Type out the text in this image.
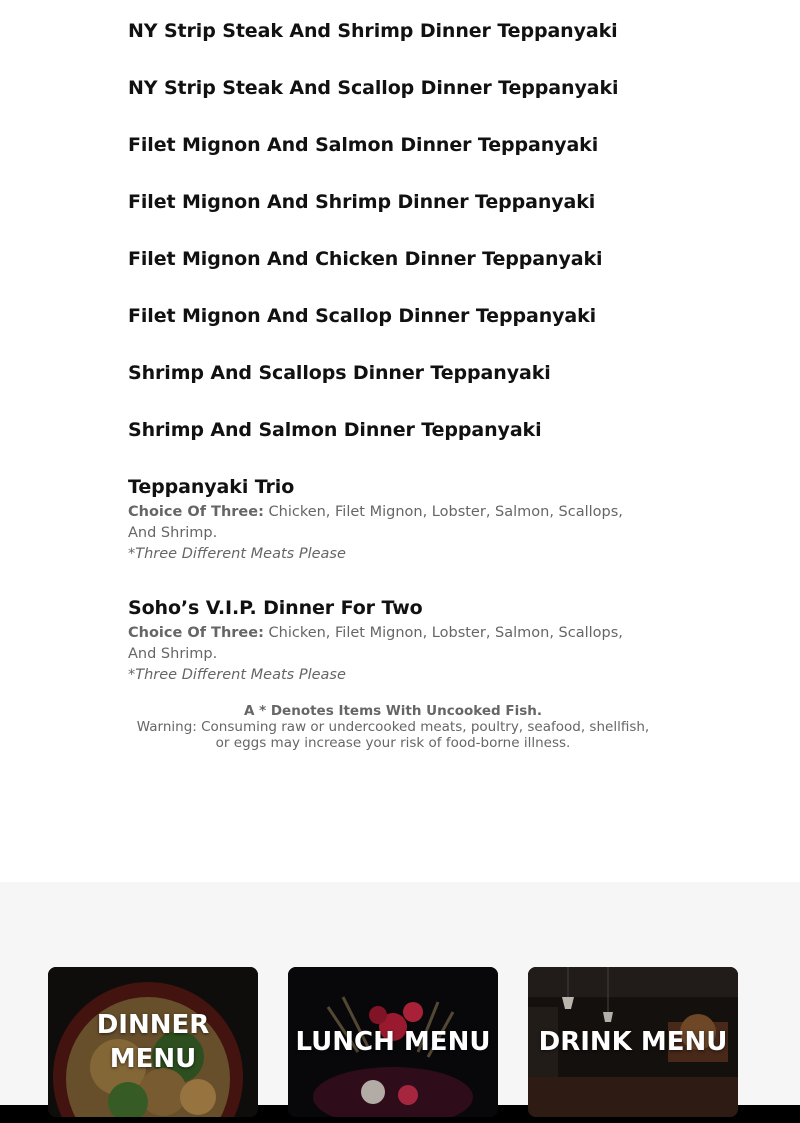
NY Strip Steak And Shrimp Dinner Teppanyaki
NY Strip Steak And Scallop Dinner Teppanyaki
Filet Mignon And Salmon Dinner Teppanyaki
Filet Mignon And Shrimp Dinner Teppanyaki
Filet Mignon And Chicken Dinner Teppanyaki
Filet Mignon And Scallop Dinner Teppanyaki
Shrimp And Scallops Dinner Teppanyaki
Shrimp And Salmon Dinner Teppanyaki
Teppanyaki Trio
Choice Of Three: Chicken, Filet Mignon, Lobster, Salmon, Scallops, And Shrimp.
*Three Different Meats Please
Soho’s V.I.P. Dinner For Two
Choice Of Three: Chicken, Filet Mignon, Lobster, Salmon, Scallops, And Shrimp.
*Three Different Meats Please
A * Denotes Items With Uncooked Fish.
Warning: Consuming raw or undercooked meats, poultry, seafood, shellfish,
or eggs may increase your risk of food-borne illness.
DINNER
MENU
LUNCH MENU DRINK MENU
